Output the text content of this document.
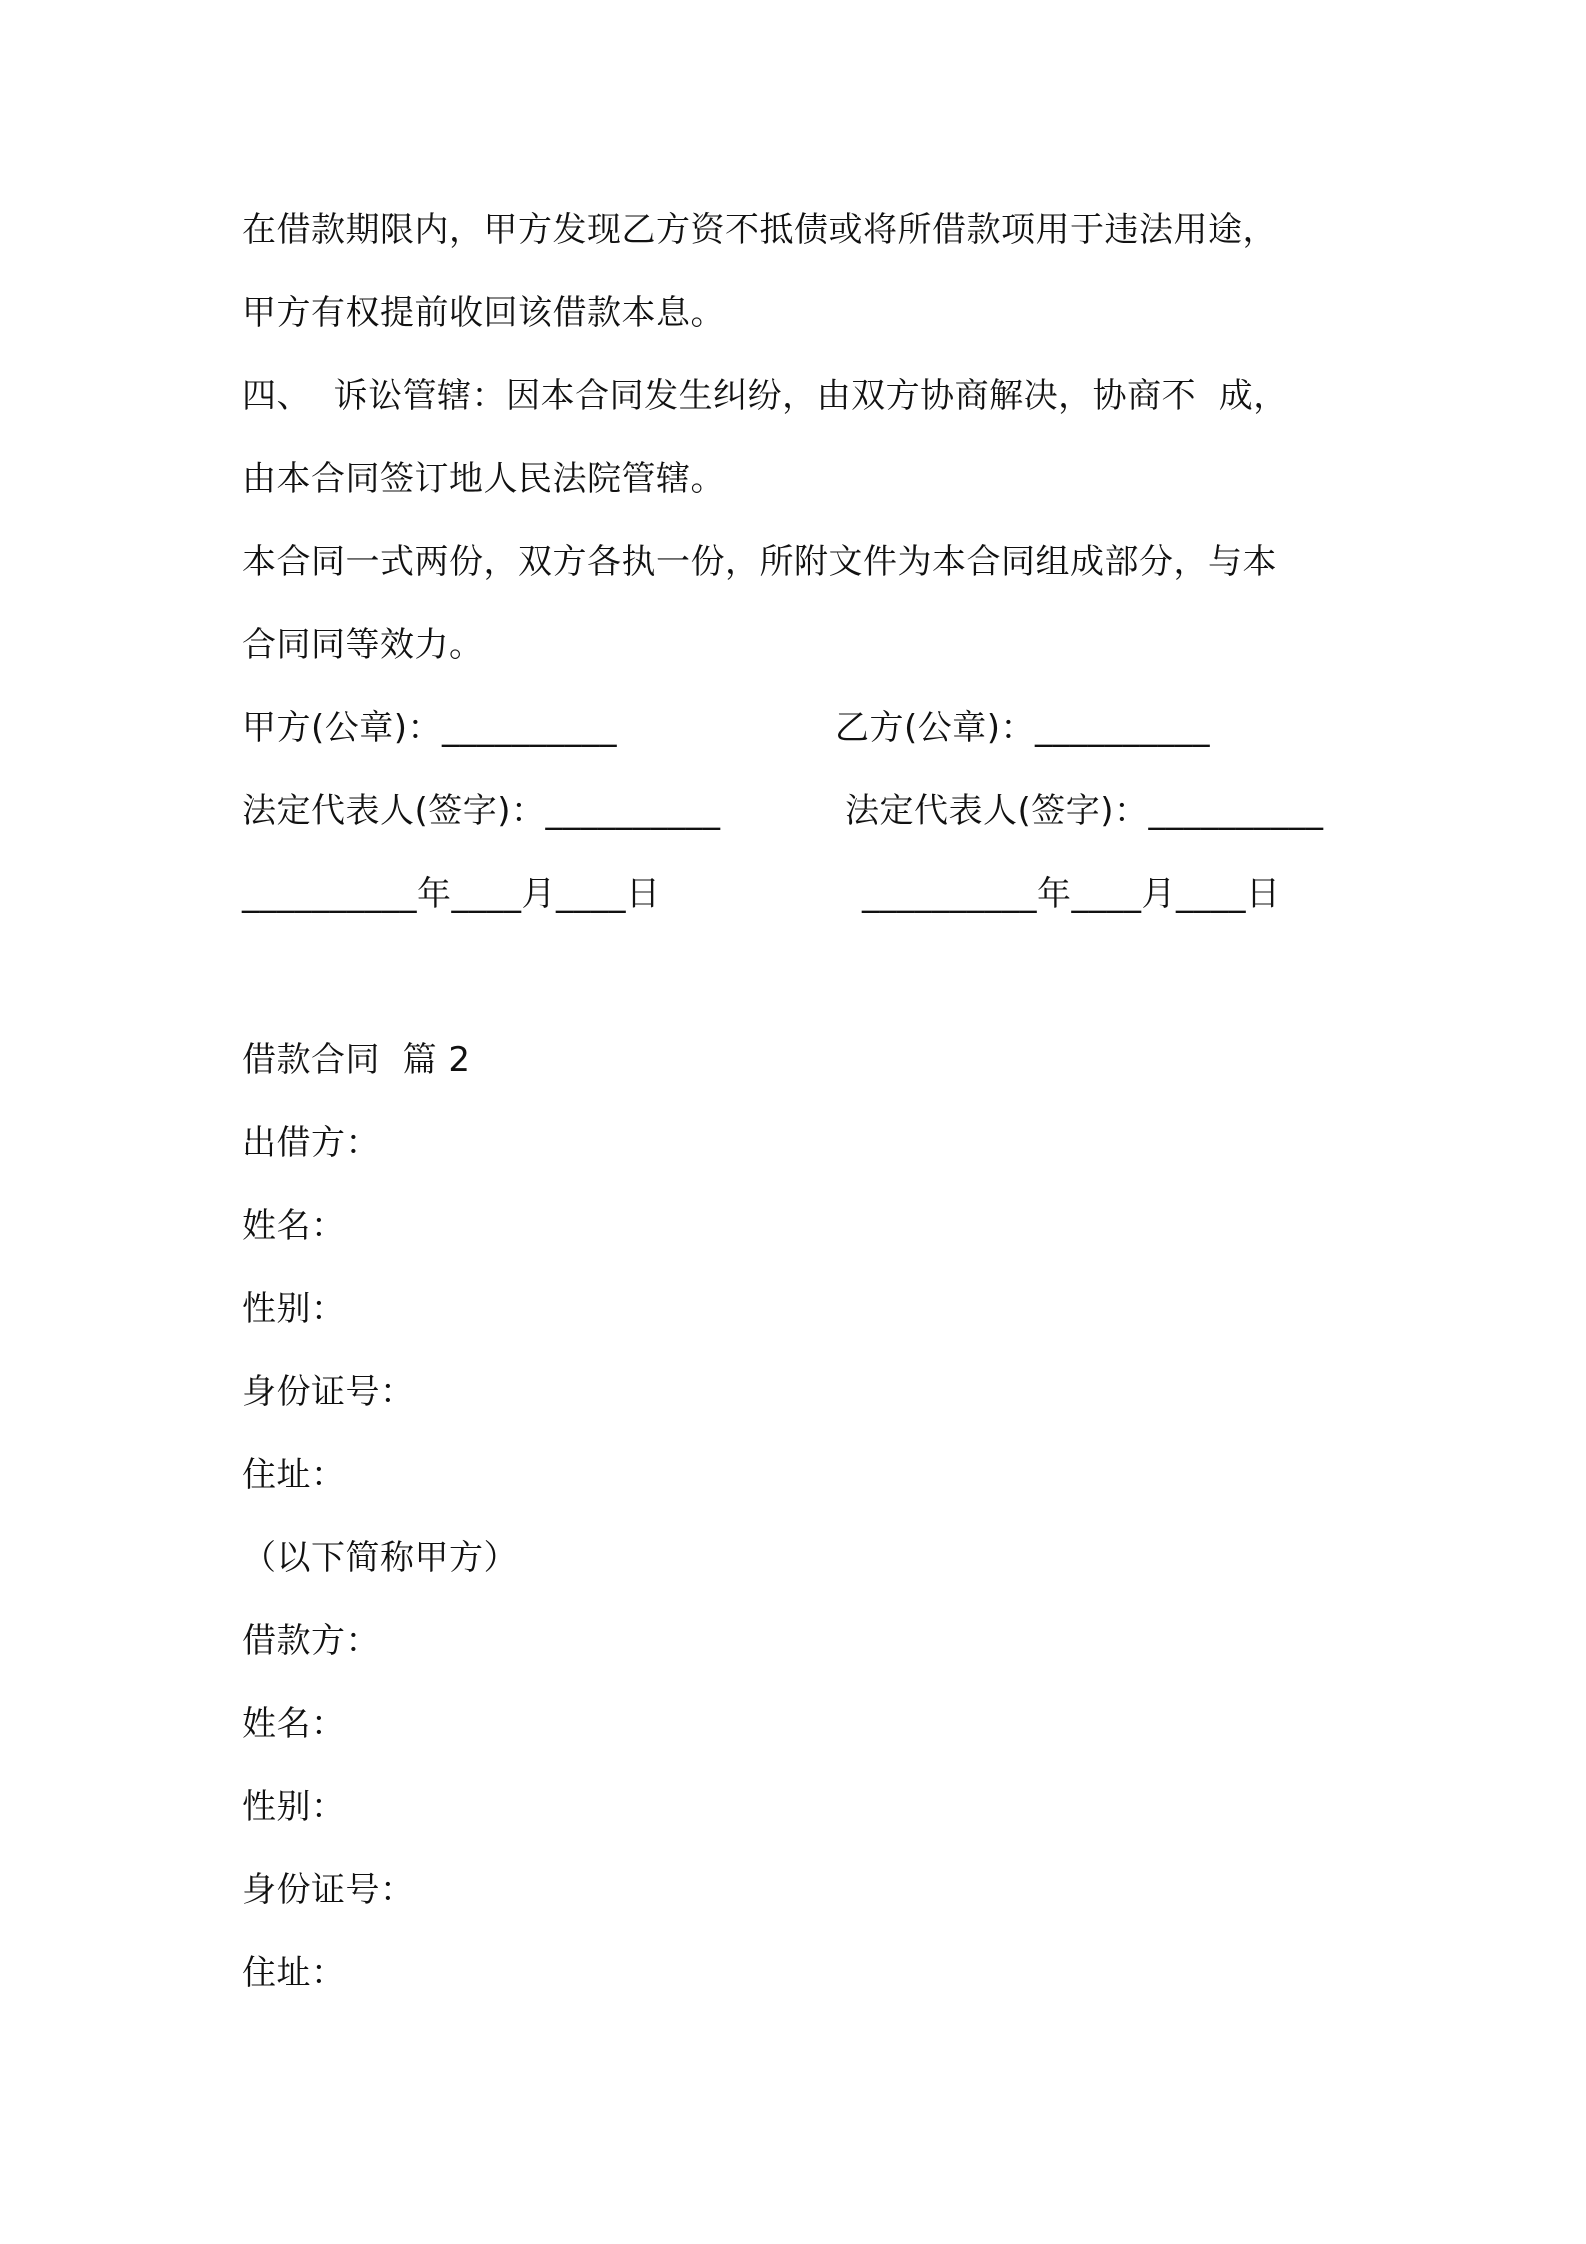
在借款期限内，甲方发现乙方资不抵债或将所借款项用于违法用途，
甲方有权提前收回该借款本息。
四、  诉讼管辖：因本合同发生纠纷，由双方协商解决，协商不  成，
由本合同签订地人民法院管辖。
本合同一式两份，双方各执一份，所附文件为本合同组成部分，与本
合同同等效力。
甲方(公章)：__________	乙方(公章)：__________
法定代表人(签字)：__________	法定代表人(签字)：__________
__________年____月____日	__________年____月____日
借款合同  篇 2
出借方：
姓名：
性别：
身份证号：
住址：
（以下简称甲方）
借款方：
姓名：
性别：
身份证号：
住址：
